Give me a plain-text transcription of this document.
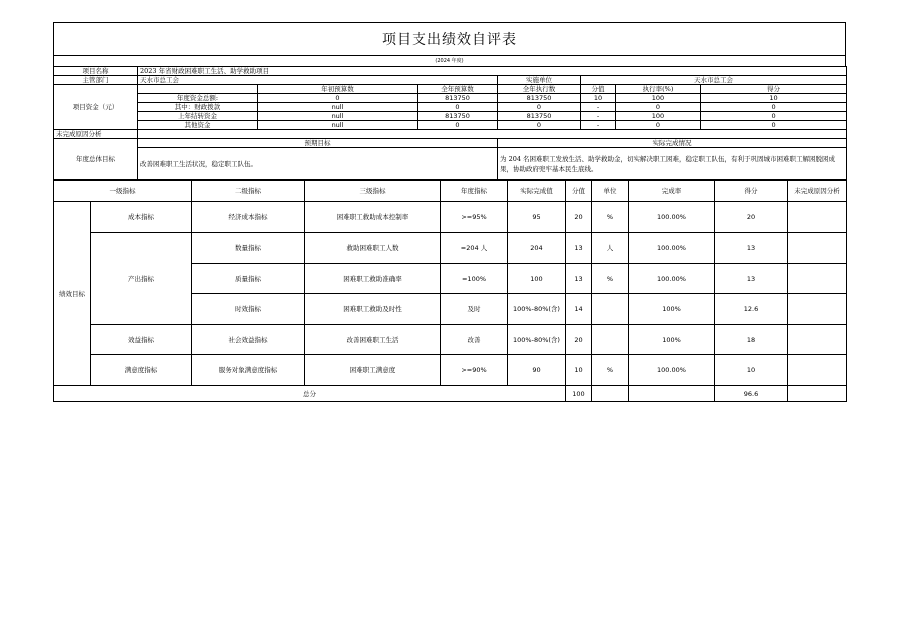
项目支出绩效自评表
(2024 年度)
项目名称	2023 年省财政困难职工生活、助学救助项目						
主管部门	天水市总工会			实施单位	天水市总工会		
项目资金（元）		年初预算数	全年预算数	全年执行数	分值	执行率(%)	得分
	年度资金总额:	0	813750	813750	10	100	10
	其中：财政拨款	null	0	0	-	0	0
	上年结转资金	null	813750	813750	-	100	0
	其他资金	null	0	0	-	0	0
未完成原因分析							
年度总体目标	预期目标			实际完成情况			
	改善困难职工生活状况，稳定职工队伍。			为 204 名困难职工发放生活、助学救助金，切实解决职工困难，稳定职工队伍，有利于巩固城市困难职工解困脱困成果，协助政府兜牢基本民生底线。			
一级指标		二级指标	三级指标	年度指标	实际完成值	分值	单位	完成率	得分	未完成原因分析
绩效目标	成本指标	经济成本指标	困难职工救助成本控制率	>=95%	95	20	%	100.00%	20	
	产出指标	数量指标	救助困难职工人数	=204 人	204	13	人	100.00%	13	
		质量指标	困难职工救助准确率	=100%	100	13	%	100.00%	13	
		时效指标	困难职工救助及时性	及时	100%-80%(含)	14		100%	12.6	
	效益指标	社会效益指标	改善困难职工生活	改善	100%-80%(含)	20		100%	18	
	满意度指标	服务对象满意度指标	困难职工满意度	>=90%	90	10	%	100.00%	10	
总分						100			96.6	
